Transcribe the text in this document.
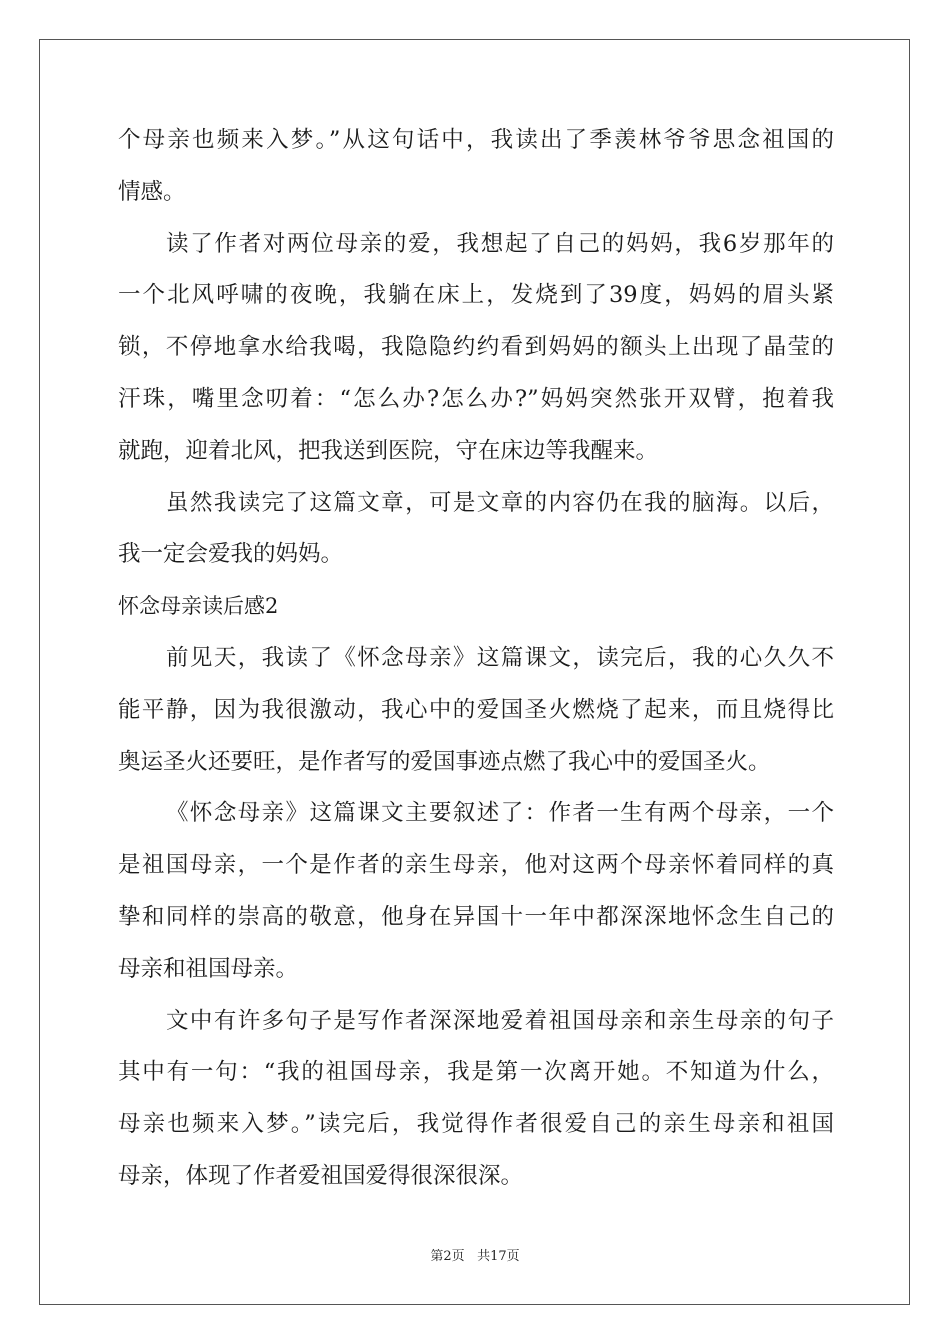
个母亲也频来入梦。”从这句话中，我读出了季羡林爷爷思念祖国的
情感。
读了作者对两位母亲的爱，我想起了自己的妈妈，我6岁那年的
一个北风呼啸的夜晚，我躺在床上，发烧到了39度，妈妈的眉头紧
锁，不停地拿水给我喝，我隐隐约约看到妈妈的额头上出现了晶莹的
汗珠，嘴里念叨着：“怎么办?怎么办?”妈妈突然张开双臂，抱着我
就跑，迎着北风，把我送到医院，守在床边等我醒来。
虽然我读完了这篇文章，可是文章的内容仍在我的脑海。以后，
我一定会爱我的妈妈。
怀念母亲读后感2
前见天，我读了《怀念母亲》这篇课文，读完后，我的心久久不
能平静，因为我很激动，我心中的爱国圣火燃烧了起来，而且烧得比
奥运圣火还要旺，是作者写的爱国事迹点燃了我心中的爱国圣火。
《怀念母亲》这篇课文主要叙述了：作者一生有两个母亲，一个
是祖国母亲，一个是作者的亲生母亲，他对这两个母亲怀着同样的真
挚和同样的崇高的敬意，他身在异国十一年中都深深地怀念生自己的
母亲和祖国母亲。
文中有许多句子是写作者深深地爱着祖国母亲和亲生母亲的句子
其中有一句：“我的祖国母亲，我是第一次离开她。不知道为什么，
母亲也频来入梦。”读完后，我觉得作者很爱自己的亲生母亲和祖国
母亲，体现了作者爱祖国爱得很深很深。
第2页 共17页
